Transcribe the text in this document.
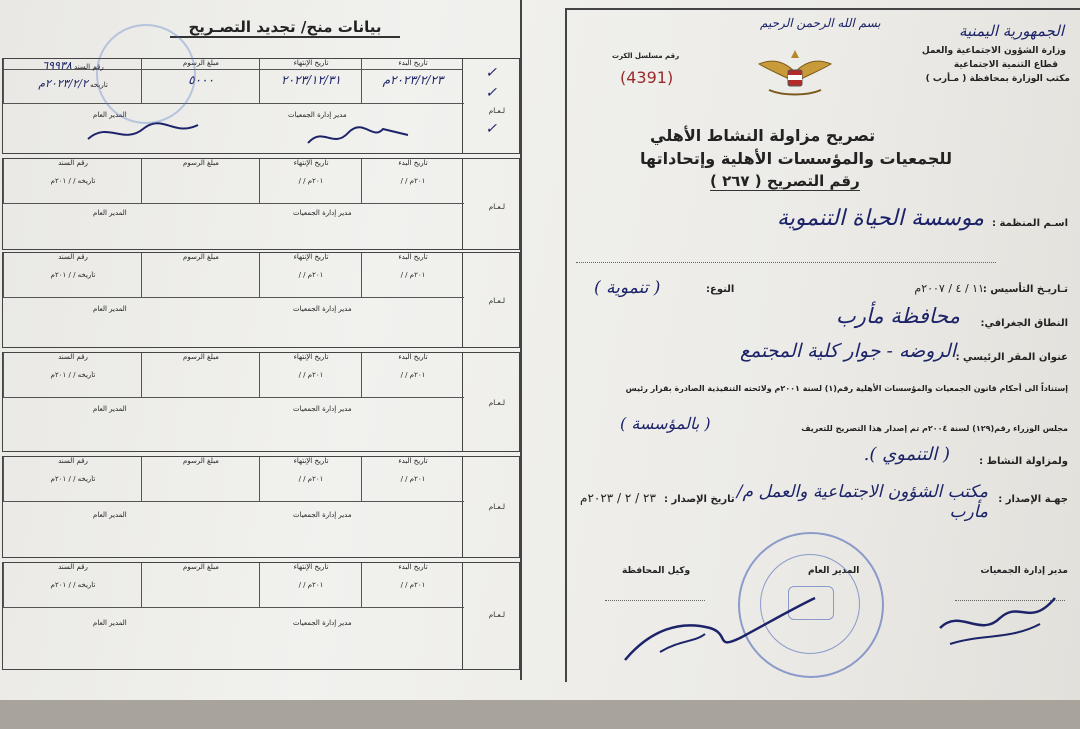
بيانات منح/ تجديد التصـريح
✓
✓
لـعـام
✓
تاريخ البدء
٢٠٢٣/٢/٢٣م
تاريخ الإنتهاء
٢٠٢٣/١٢/٣١
مبلغ الرسوم
٥٠٠٠
رقم السند ٦٩٩٣٨
تاريخه ٢٠٢٣/٢/٢م
مدير إدارة الجمعيات
المدير العام
لـعـام
تاريخ البدء
/ / ٢٠١م
تاريخ الإنتهاء
/ / ٢٠١م
مبلغ الرسوم
رقم السند
تاريخه / / ٢٠١م
مدير إدارة الجمعيات
المدير العام
لـعـام
تاريخ البدء
/ / ٢٠١م
تاريخ الإنتهاء
/ / ٢٠١م
مبلغ الرسوم
رقم السند
تاريخه / / ٢٠١م
مدير إدارة الجمعيات
المدير العام
لـعـام
تاريخ البدء
/ / ٢٠١م
تاريخ الإنتهاء
/ / ٢٠١م
مبلغ الرسوم
رقم السند
تاريخه / / ٢٠١م
مدير إدارة الجمعيات
المدير العام
لـعـام
تاريخ البدء
/ / ٢٠١م
تاريخ الإنتهاء
/ / ٢٠١م
مبلغ الرسوم
رقم السند
تاريخه / / ٢٠١م
مدير إدارة الجمعيات
المدير العام
لـعـام
تاريخ البدء
/ / ٢٠١م
تاريخ الإنتهاء
/ / ٢٠١م
مبلغ الرسوم
رقم السند
تاريخه / / ٢٠١م
مدير إدارة الجمعيات
المدير العام
بسم الله الرحمن الرحيم	الجمهورية اليمنية
وزارة الشؤون الاجتماعية والعمل
قطاع التنمية الاجتماعية
مكتب الوزارة بمحافظة ( مـأرب )
رقم مسلسل الكرت
(4391)
تصريح مزاولة النشاط الأهلي
للجمعيات والمؤسسات الأهلية وإتحاداتها
رقم التصريح ( ٢٦٧ )
اسـم المنظمة :
موسسة الحياة التنموية
تـاريـخ التأسيس :
١١ / ٤ / ٢٠٠٧م
النوع:
( تنموية )
النطاق الجغرافي:
محافظة مأرب
عنوان المقر الرئيسي :
الروضه - جوار كلية المجتمع
إستناداً الى أحكام قانون الجمعيات والمؤسسات الأهلية رقم(١) لسنة ٢٠٠١م ولائحته التنفيذية الصادرة بقرار رئيس
مجلس الوزراء رقم(١٢٩) لسنة ٢٠٠٤م تم إصدار هذا التصريح للتعريف
( بالمؤسسة )
ولمزاولة النشاط :
( التنموي ).
جهـة الإصدار :
مكتب الشؤون الاجتماعية والعمل م/مأرب
تاريخ الإصدار :
٢٣ / ٢ / ٢٠٢٣م
مدير إدارة الجمعيات
المدير العام
وكيل المحافظة
